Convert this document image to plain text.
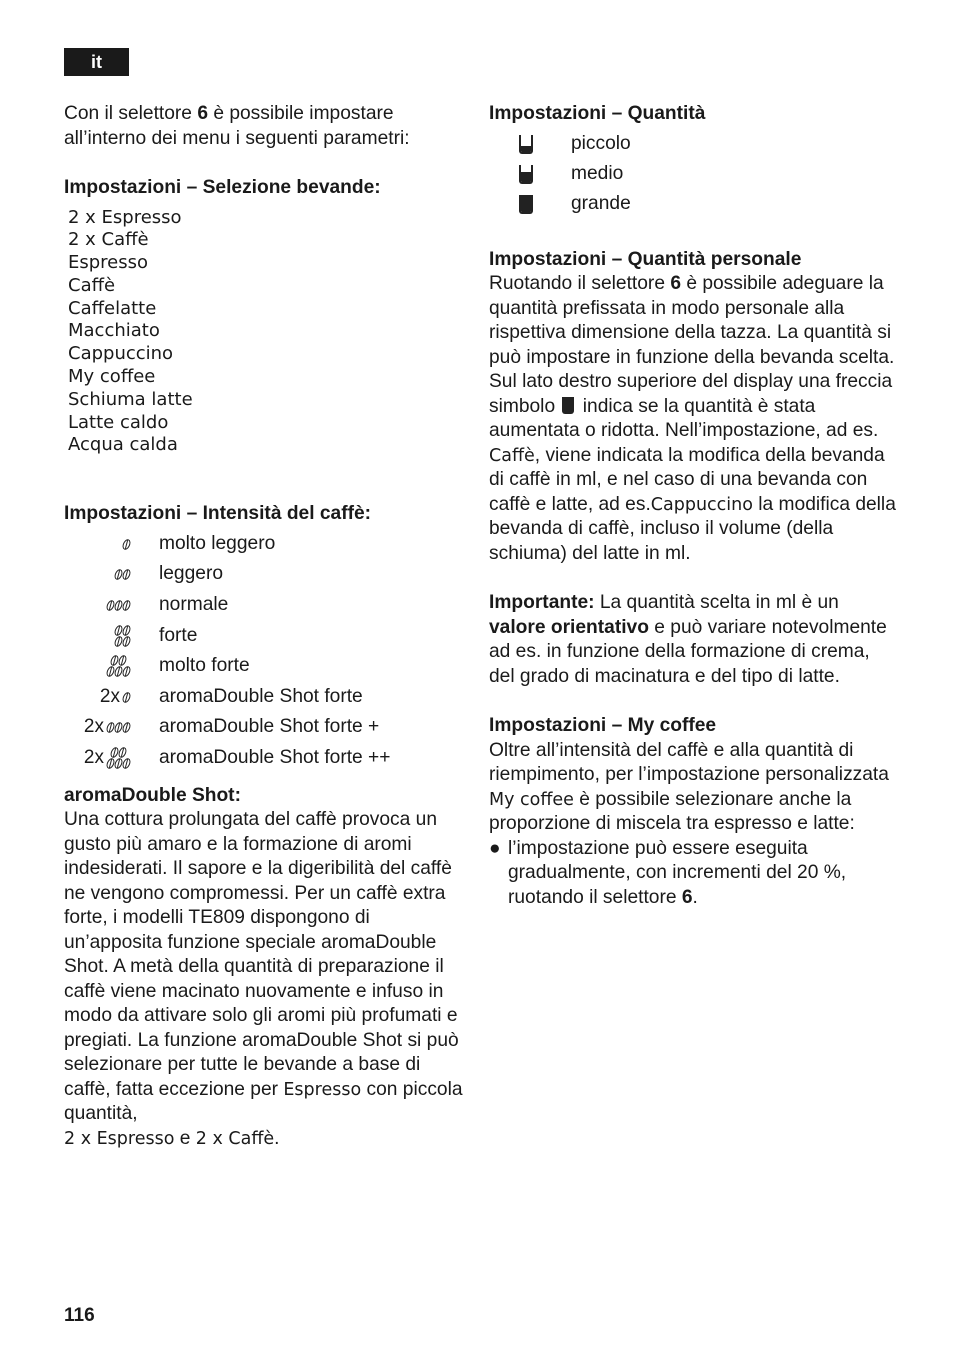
it

Con il selettore 6 è possibile impostare all’interno dei menu i seguenti parametri:

Impostazioni – Selezione bevande:

2 x Espresso
2 x Caffè
Espresso
Caffè
Caffelatte
Macchiato
Cappuccino
My coffee
Schiuma latte
Latte caldo
Acqua calda

Impostazioni – Intensità del caffè:

molto leggero
leggero
normale
forte
molto forte
2x	aromaDouble Shot forte
2x	aromaDouble Shot forte +
2x	aromaDouble Shot forte ++

aromaDouble Shot:

Una cottura prolungata del caffè provoca un gusto più amaro e la formazione di aromi indesiderati. Il sapore e la digeribilità del caffè ne vengono compromessi. Per un caffè extra forte, i modelli TE809 dispongono di un’apposita funzione speciale aromaDouble Shot. A metà della quantità di preparazione il caffè viene macinato nuovamente e infuso in modo da attivare solo gli aromi più profumati e pregiati. La funzione aromaDouble Shot si può selezionare per tutte le bevande a base di caffè, fatta eccezione per Espresso con piccola quantità,
2 x Espresso e 2 x Caffè.

Impostazioni – Quantità

piccolo
medio
grande

Impostazioni – Quantità personale

Ruotando il selettore 6 è possibile adeguare la quantità prefissata in modo personale alla rispettiva dimensione della tazza. La quantità si può impostare in funzione della bevanda scelta. Sul lato destro superiore del display una freccia simbolo  indica se la quantità è stata aumentata o ridotta. Nell’impostazione, ad es. Caffè, viene indicata la modifica della bevanda di caffè in ml, e nel caso di una bevanda con caffè e latte, ad es.Cappuccino la modifica della bevanda di caffè, incluso il volume (della schiuma) del latte in ml.

Importante: La quantità scelta in ml è un valore orientativo e può variare notevolmente ad es. in funzione della formazione di crema, del grado di macinatura e del tipo di latte.

Impostazioni – My coffee

Oltre all’intensità del caffè e alla quantità di riempimento, per l’impostazione personalizzata My coffee è possibile selezionare anche la proporzione di miscela tra espresso e latte:

● l’impostazione può essere eseguita gradualmente, con incrementi del 20 %, ruotando il selettore 6.
116
